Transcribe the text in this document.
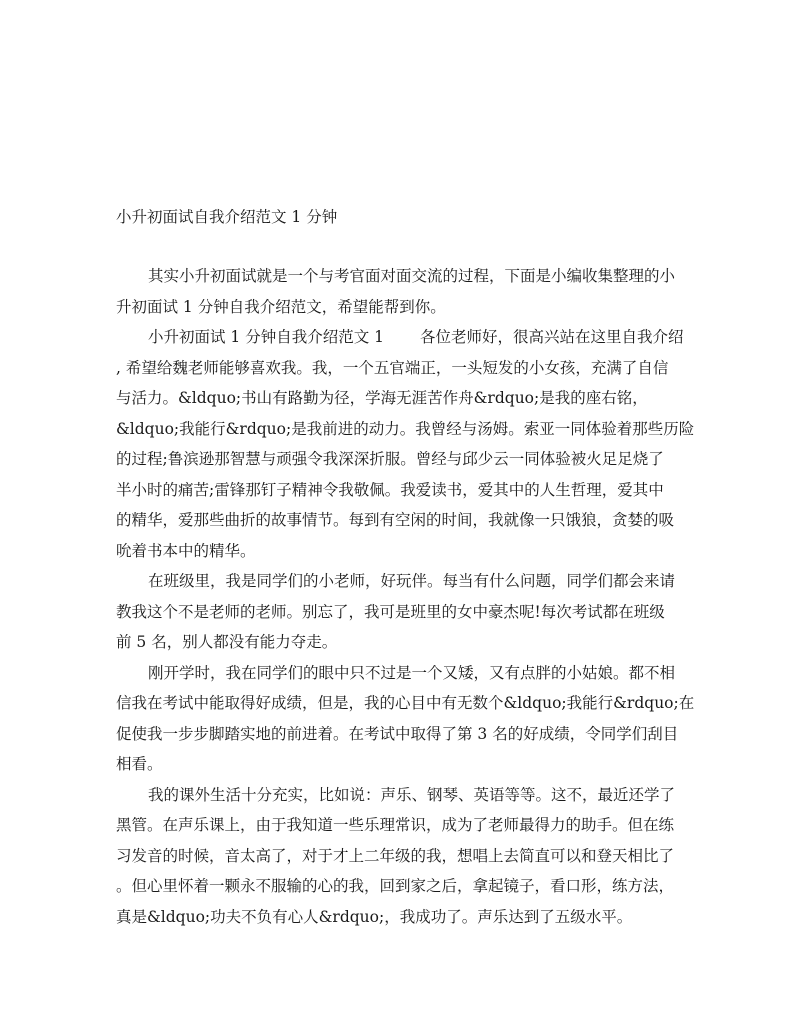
小升初面试自我介绍范文 1 分钟

其实小升初面试就是一个与考官面对面交流的过程，下面是小编收集整理的小
升初面试 1 分钟自我介绍范文，希望能帮到你。

小升初面试 1 分钟自我介绍范文 1 各位老师好，很高兴站在这里自我介绍
, 希望给魏老师能够喜欢我。我，一个五官端正，一头短发的小女孩，充满了自信
与活力。&ldquo;书山有路勤为径，学海无涯苦作舟&rdquo;是我的座右铭，
&ldquo;我能行&rdquo;是我前进的动力。我曾经与汤姆。索亚一同体验着那些历险
的过程;鲁滨逊那智慧与顽强令我深深折服。曾经与邱少云一同体验被火足足烧了
半小时的痛苦;雷锋那钉子精神令我敬佩。我爱读书，爱其中的人生哲理，爱其中
的精华，爱那些曲折的故事情节。每到有空闲的时间，我就像一只饿狼，贪婪的吸
吮着书本中的精华。

在班级里，我是同学们的小老师，好玩伴。每当有什么问题，同学们都会来请
教我这个不是老师的老师。别忘了，我可是班里的女中豪杰呢!每次考试都在班级
前 5 名，别人都没有能力夺走。

刚开学时，我在同学们的眼中只不过是一个又矮，又有点胖的小姑娘。都不相
信我在考试中能取得好成绩，但是，我的心目中有无数个&ldquo;我能行&rdquo;在
促使我一步步脚踏实地的前进着。在考试中取得了第 3 名的好成绩，令同学们刮目
相看。

我的课外生活十分充实，比如说：声乐、钢琴、英语等等。这不，最近还学了
黑管。在声乐课上，由于我知道一些乐理常识，成为了老师最得力的助手。但在练
习发音的时候，音太高了，对于才上二年级的我，想唱上去简直可以和登天相比了
。但心里怀着一颗永不服输的心的我，回到家之后，拿起镜子，看口形，练方法，
真是&ldquo;功夫不负有心人&rdquo;，我成功了。声乐达到了五级水平。
